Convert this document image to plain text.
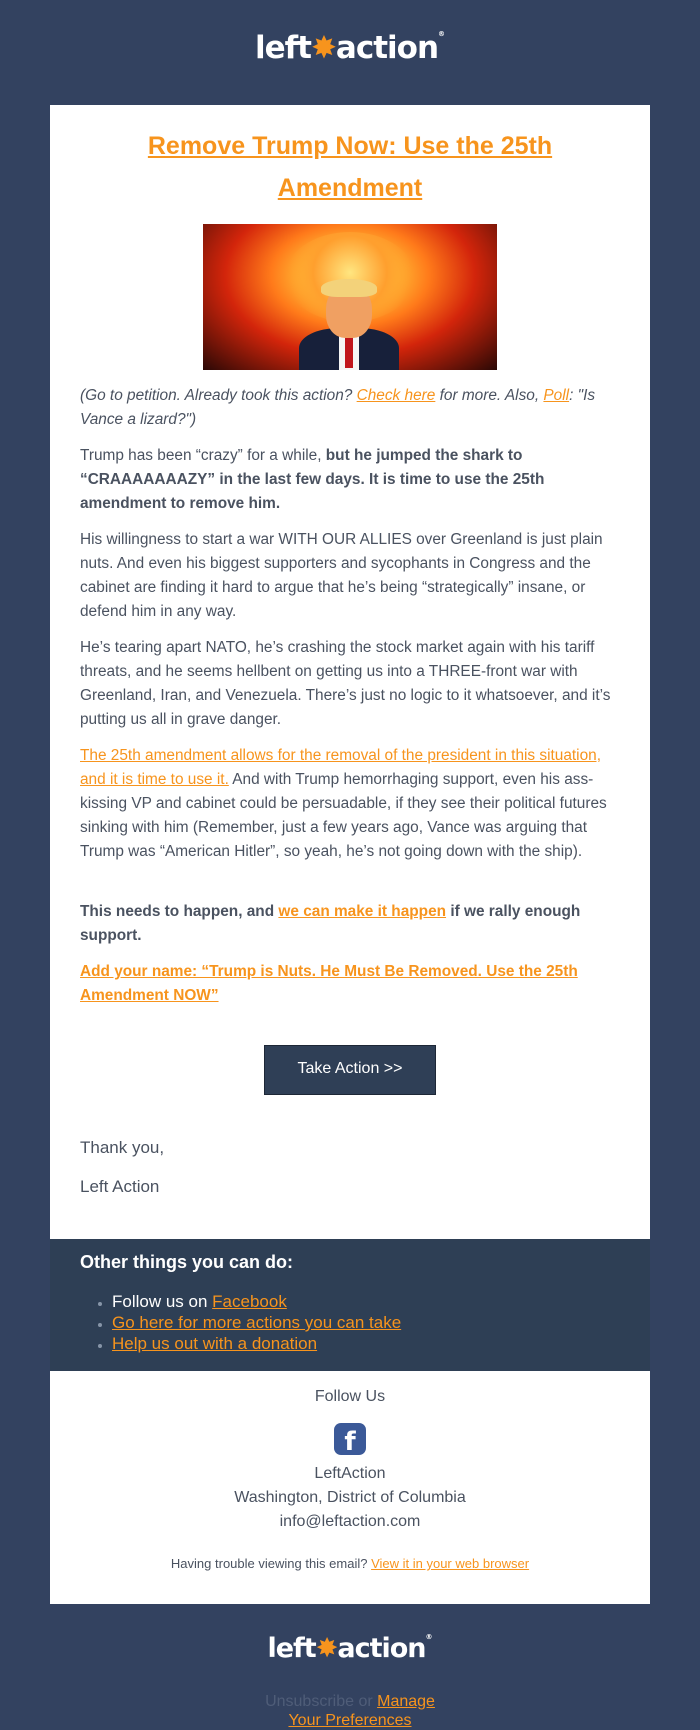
left✸action®
Remove Trump Now: Use the 25th Amendment

(Go to petition. Already took this action? Check here for more. Also, Poll: "Is Vance a lizard?")

Trump has been “crazy” for a while, but he jumped the shark to “CRAAAAAAAZY” in the last few days. It is time to use the 25th amendment to remove him.

His willingness to start a war WITH OUR ALLIES over Greenland is just plain nuts. And even his biggest supporters and sycophants in Congress and the cabinet are finding it hard to argue that he’s being “strategically” insane, or defend him in any way.

He’s tearing apart NATO, he’s crashing the stock market again with his tariff threats, and he seems hellbent on getting us into a THREE-front war with Greenland, Iran, and Venezuela. There’s just no logic to it whatsoever, and it’s putting us all in grave danger.

The 25th amendment allows for the removal of the president in this situation, and it is time to use it. And with Trump hemorrhaging support, even his ass-kissing VP and cabinet could be persuadable, if they see their political futures sinking with him (Remember, just a few years ago, Vance was arguing that Trump was “American Hitler”, so yeah, he’s not going down with the ship).

This needs to happen, and we can make it happen if we rally enough support.

Add your name: “Trump is Nuts. He Must Be Removed. Use the 25th Amendment NOW”

Take Action >>

Thank you,

Left Action

Other things you can do:

• Follow us on Facebook
• Go here for more actions you can take
• Help us out with a donation

Follow Us

f

LeftAction

Washington, District of Columbia

info@leftaction.com

Having trouble viewing this email? View it in your web browser

left✸action®

Unsubscribe or Manage
Your Preferences
